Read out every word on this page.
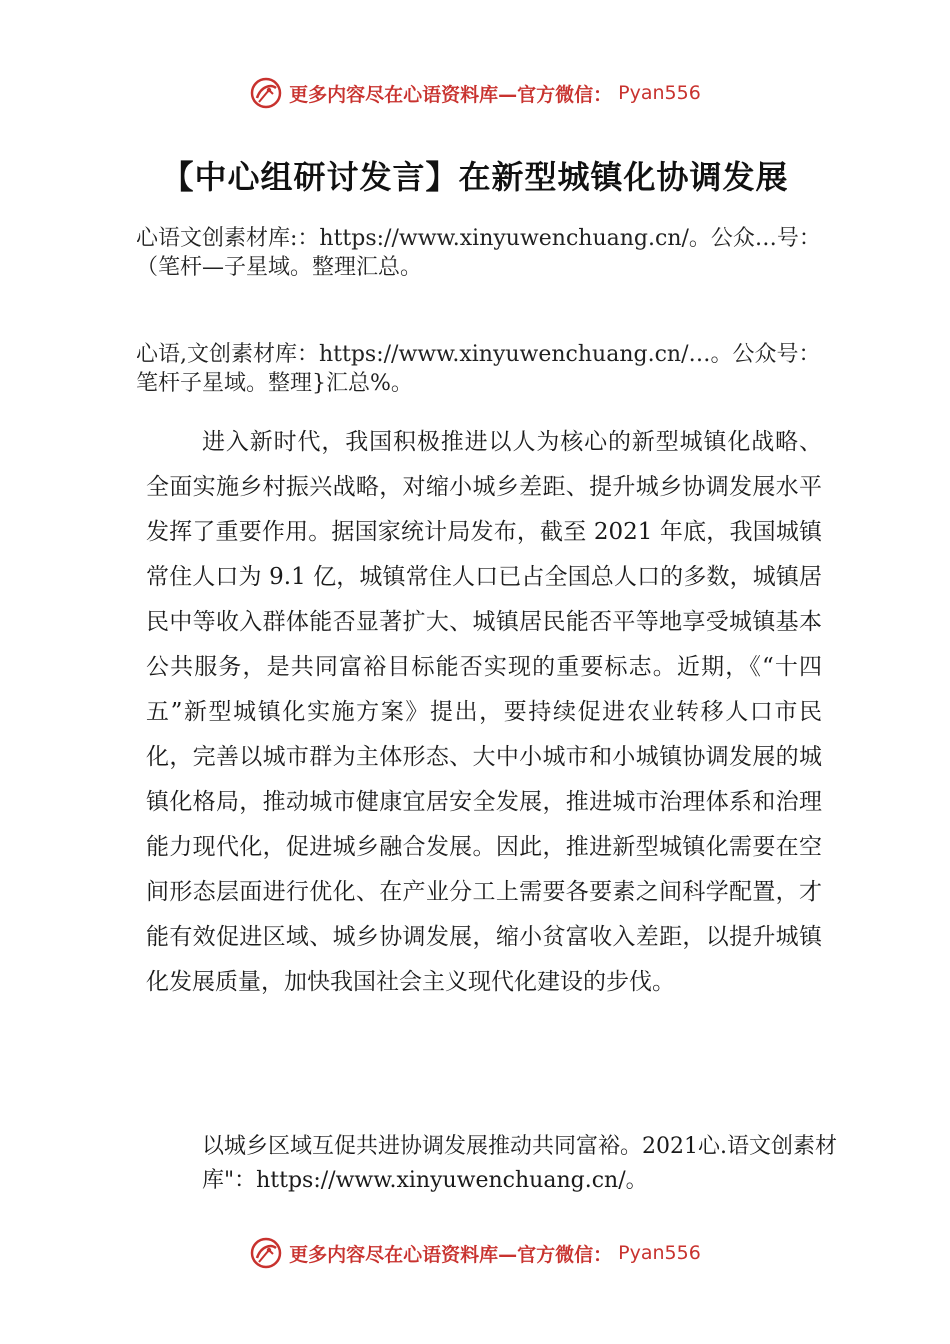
更多内容尽在心语资料库—官方微信： Pyan556
【中心组研讨发言】在新型城镇化协调发展
心语文创素材库:：https://www.xinyuwenchuang.cn/。公众…号：（笔杆—子星域。整理汇总。
心语,文创素材库：https://www.xinyuwenchuang.cn/…。公众号：笔杆子星域。整理}汇总%。
进入新时代，我国积极推进以人为核心的新型城镇化战略、全面实施乡村振兴战略，对缩小城乡差距、提升城乡协调发展水平发挥了重要作用。据国家统计局发布，截至 2021 年底，我国城镇常住人口为 9.1 亿，城镇常住人口已占全国总人口的多数，城镇居民中等收入群体能否显著扩大、城镇居民能否平等地享受城镇基本公共服务，是共同富裕目标能否实现的重要标志。近期，《“十四五”新型城镇化实施方案》提出，要持续促进农业转移人口市民化，完善以城市群为主体形态、大中小城市和小城镇协调发展的城镇化格局，推动城市健康宜居安全发展，推进城市治理体系和治理能力现代化，促进城乡融合发展。因此，推进新型城镇化需要在空间形态层面进行优化、在产业分工上需要各要素之间科学配置，才能有效促进区域、城乡协调发展，缩小贫富收入差距，以提升城镇化发展质量，加快我国社会主义现代化建设的步伐。
以城乡区域互促共进协调发展推动共同富裕。2021心.语文创素材库"：https://www.xinyuwenchuang.cn/。
更多内容尽在心语资料库—官方微信： Pyan556
